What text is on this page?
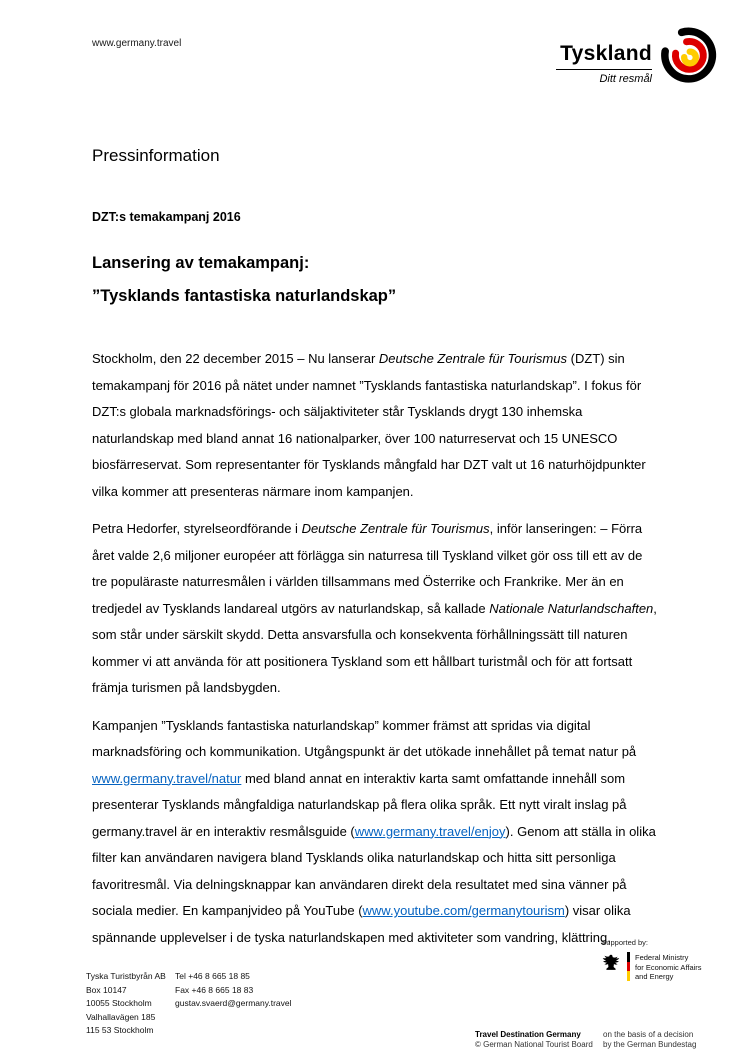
www.germany.travel	Tyskland
Ditt resmål
Pressinformation
DZT:s temakampanj 2016
Lansering av temakampanj:
”Tysklands fantastiska naturlandskap”

Stockholm, den 22 december 2015 – Nu lanserar Deutsche Zentrale für Tourismus (DZT) sin temakampanj för 2016 på nätet under namnet ”Tysklands fantastiska naturlandskap”. I fokus för DZT:s globala marknadsförings- och säljaktiviteter står Tysklands drygt 130 inhemska naturlandskap med bland annat 16 nationalparker, över 100 naturreservat och 15 UNESCO biosfärreservat. Som representanter för Tysklands mångfald har DZT valt ut 16 naturhöjdpunkter vilka kommer att presenteras närmare inom kampanjen.

Petra Hedorfer, styrelseordförande i Deutsche Zentrale für Tourismus, inför lanseringen: – Förra året valde 2,6 miljoner européer att förlägga sin naturresa till Tyskland vilket gör oss till ett av de tre populäraste naturresmålen i världen tillsammans med Österrike och Frankrike. Mer än en tredjedel av Tysklands landareal utgörs av naturlandskap, så kallade Nationale Naturlandschaften, som står under särskilt skydd. Detta ansvarsfulla och konsekventa förhållningssätt till naturen kommer vi att använda för att positionera Tyskland som ett hållbart turistmål och för att fortsatt främja turismen på landsbygden.

Kampanjen ”Tysklands fantastiska naturlandskap” kommer främst att spridas via digital marknadsföring och kommunikation. Utgångspunkt är det utökade innehållet på temat natur på www.germany.travel/natur med bland annat en interaktiv karta samt omfattande innehåll som presenterar Tysklands mångfaldiga naturlandskap på flera olika språk. Ett nytt viralt inslag på germany.travel är en interaktiv resmålsguide (www.germany.travel/enjoy). Genom att ställa in olika filter kan användaren navigera bland Tysklands olika naturlandskap och hitta sitt personliga favoritresmål. Via delningsknappar kan användaren direkt dela resultatet med sina vänner på sociala medier. En kampanjvideo på YouTube (www.youtube.com/germanytourism) visar olika spännande upplevelser i de tyska naturlandskapen med aktiviteter som vandring, klättring,

Supported by:
Tyska Turistbyrån AB
Box 10147
10055 Stockholm
Valhallavägen 185
115 53 Stockholm
Tel +46 8 665 18 85
Fax +46 8 665 18 83
gustav.svaerd@germany.travel
Federal Ministry
for Economic Affairs
and Energy
Travel Destination Germany
© German National Tourist Board
on the basis of a decision
by the German Bundestag
